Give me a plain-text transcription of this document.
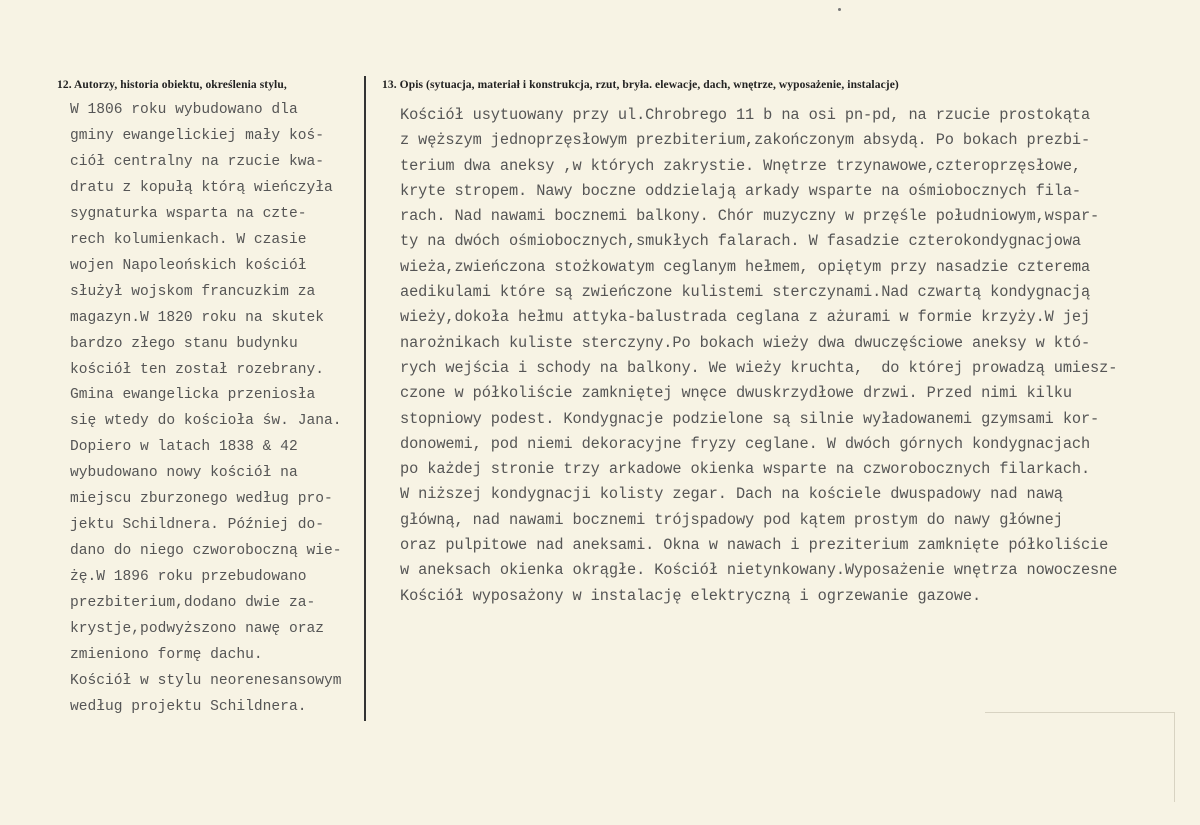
12. Autorzy, historia obiektu, określenia stylu,	13. Opis (sytuacja, materiał i konstrukcja, rzut, bryła. elewacje, dach, wnętrze, wyposażenie, instalacje)
W 1806 roku wybudowano dla
gminy ewangelickiej mały koś-
ciół centralny na rzucie kwa-
dratu z kopułą którą wieńczyła
sygnaturka wsparta na czte-
rech kolumienkach. W czasie
wojen Napoleońskich kościół
służył wojskom francuzkim za
magazyn.W 1820 roku na skutek
bardzo złego stanu budynku
kościół ten został rozebrany.
Gmina ewangelicka przeniosła
się wtedy do kościoła św. Jana.
Dopiero w latach 1838 & 42
wybudowano nowy kościół na
miejscu zburzonego według pro-
jektu Schildnera. Później do-
dano do niego czworoboczną wie-
żę.W 1896 roku przebudowano
prezbiterium,dodano dwie za-
krystje,podwyższono nawę oraz
zmieniono formę dachu.
Kościół w stylu neorenesansowym
według projektu Schildnera.
Kościół usytuowany przy ul.Chrobrego 11 b na osi pn-pd, na rzucie prostokąta
z węższym jednoprzęsłowym prezbiterium,zakończonym absydą. Po bokach prezbi-
terium dwa aneksy ,w których zakrystie. Wnętrze trzynawowe,czteroprzęsłowe,
kryte stropem. Nawy boczne oddzielają arkady wsparte na ośmiobocznych fila-
rach. Nad nawami bocznemi balkony. Chór muzyczny w przęśle południowym,wspar-
ty na dwóch ośmiobocznych,smukłych falarach. W fasadzie czterokondygnacjowa
wieża,zwieńczona stożkowatym ceglanym hełmem, opiętym przy nasadzie czterema
aedikulami które są zwieńczone kulistemi sterczynami.Nad czwartą kondygnacją
wieży,dokoła hełmu attyka-balustrada ceglana z ażurami w formie krzyży.W jej
narożnikach kuliste sterczyny.Po bokach wieży dwa dwuczęściowe aneksy w któ-
rych wejścia i schody na balkony. We wieży kruchta,  do której prowadzą umiesz-
czone w półkoliście zamkniętej wnęce dwuskrzydłowe drzwi. Przed nimi kilku
stopniowy podest. Kondygnacje podzielone są silnie wyładowanemi gzymsami kor-
donowemi, pod niemi dekoracyjne fryzy ceglane. W dwóch górnych kondygnacjach
po każdej stronie trzy arkadowe okienka wsparte na czworobocznych filarkach.
W niższej kondygnacji kolisty zegar. Dach na kościele dwuspadowy nad nawą
główną, nad nawami bocznemi trójspadowy pod kątem prostym do nawy głównej
oraz pulpitowe nad aneksami. Okna w nawach i preziterium zamknięte półkoliście
w aneksach okienka okrągłe. Kościół nietynkowany.Wyposażenie wnętrza nowoczesne
Kościół wyposażony w instalację elektryczną i ogrzewanie gazowe.
